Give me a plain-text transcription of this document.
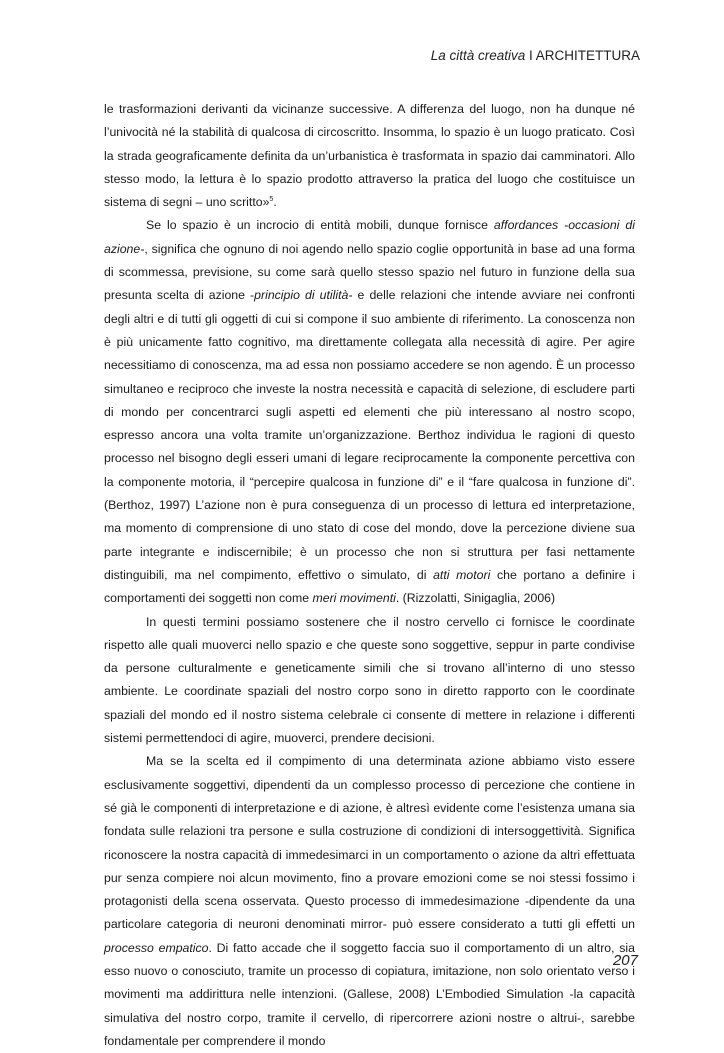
La città creativa I ARCHITETTURA

le trasformazioni derivanti da vicinanze successive. A differenza del luogo, non ha dunque né l’univocità né la stabilità di qualcosa di circoscritto. Insomma, lo spazio è un luogo praticato. Così la strada geograficamente definita da un’urbanistica è trasformata in spazio dai camminatori. Allo stesso modo, la lettura è lo spazio prodotto attraverso la pratica del luogo che costituisce un sistema di segni – uno scritto»$^5$.

Se lo spazio è un incrocio di entità mobili, dunque fornisce affordances -occasioni di azione-, significa che ognuno di noi agendo nello spazio coglie opportunità in base ad una forma di scommessa, previsione, su come sarà quello stesso spazio nel futuro in funzione della sua presunta scelta di azione -principio di utilità- e delle relazioni che intende avviare nei confronti degli altri e di tutti gli oggetti di cui si compone il suo ambiente di riferimento. La conoscenza non è più unicamente fatto cognitivo, ma direttamente collegata alla necessità di agire. Per agire necessitiamo di conoscenza, ma ad essa non possiamo accedere se non agendo. È un processo simultaneo e reciproco che investe la nostra necessità e capacità di selezione, di escludere parti di mondo per concentrarci sugli aspetti ed elementi che più interessano al nostro scopo, espresso ancora una volta tramite un’organizzazione. Berthoz individua le ragioni di questo processo nel bisogno degli esseri umani di legare reciprocamente la componente percettiva con la componente motoria, il “percepire qualcosa in funzione di” e il “fare qualcosa in funzione di”. (Berthoz, 1997) L’azione non è pura conseguenza di un processo di lettura ed interpretazione, ma momento di comprensione di uno stato di cose del mondo, dove la percezione diviene sua parte integrante e indiscernibile; è un processo che non si struttura per fasi nettamente distinguibili, ma nel compimento, effettivo o simulato, di atti motori che portano a definire i comportamenti dei soggetti non come meri movimenti. (Rizzolatti, Sinigaglia, 2006)

In questi termini possiamo sostenere che il nostro cervello ci fornisce le coordinate rispetto alle quali muoverci nello spazio e che queste sono soggettive, seppur in parte condivise da persone culturalmente e geneticamente simili che si trovano all’interno di uno stesso ambiente. Le coordinate spaziali del nostro corpo sono in diretto rapporto con le coordinate spaziali del mondo ed il nostro sistema celebrale ci consente di mettere in relazione i differenti sistemi permettendoci di agire, muoverci, prendere decisioni.

Ma se la scelta ed il compimento di una determinata azione abbiamo visto essere esclusivamente soggettivi, dipendenti da un complesso processo di percezione che contiene in sé già le componenti di interpretazione e di azione, è altresì evidente come l’esistenza umana sia fondata sulle relazioni tra persone e sulla costruzione di condizioni di intersoggettività. Significa riconoscere la nostra capacità di immedesimarci in un comportamento o azione da altri effettuata pur senza compiere noi alcun movimento, fino a provare emozioni come se noi stessi fossimo i protagonisti della scena osservata. Questo processo di immedesimazione -dipendente da una particolare categoria di neuroni denominati mirror- può essere considerato a tutti gli effetti un processo empatico. Di fatto accade che il soggetto faccia suo il comportamento di un altro, sia esso nuovo o conosciuto, tramite un processo di copiatura, imitazione, non solo orientato verso i movimenti ma addirittura nelle intenzioni. (Gallese, 2008) L’Embodied Simulation -la capacità simulativa del nostro corpo, tramite il cervello, di ripercorrere azioni nostre o altrui-, sarebbe fondamentale per comprendere il mondo

207
